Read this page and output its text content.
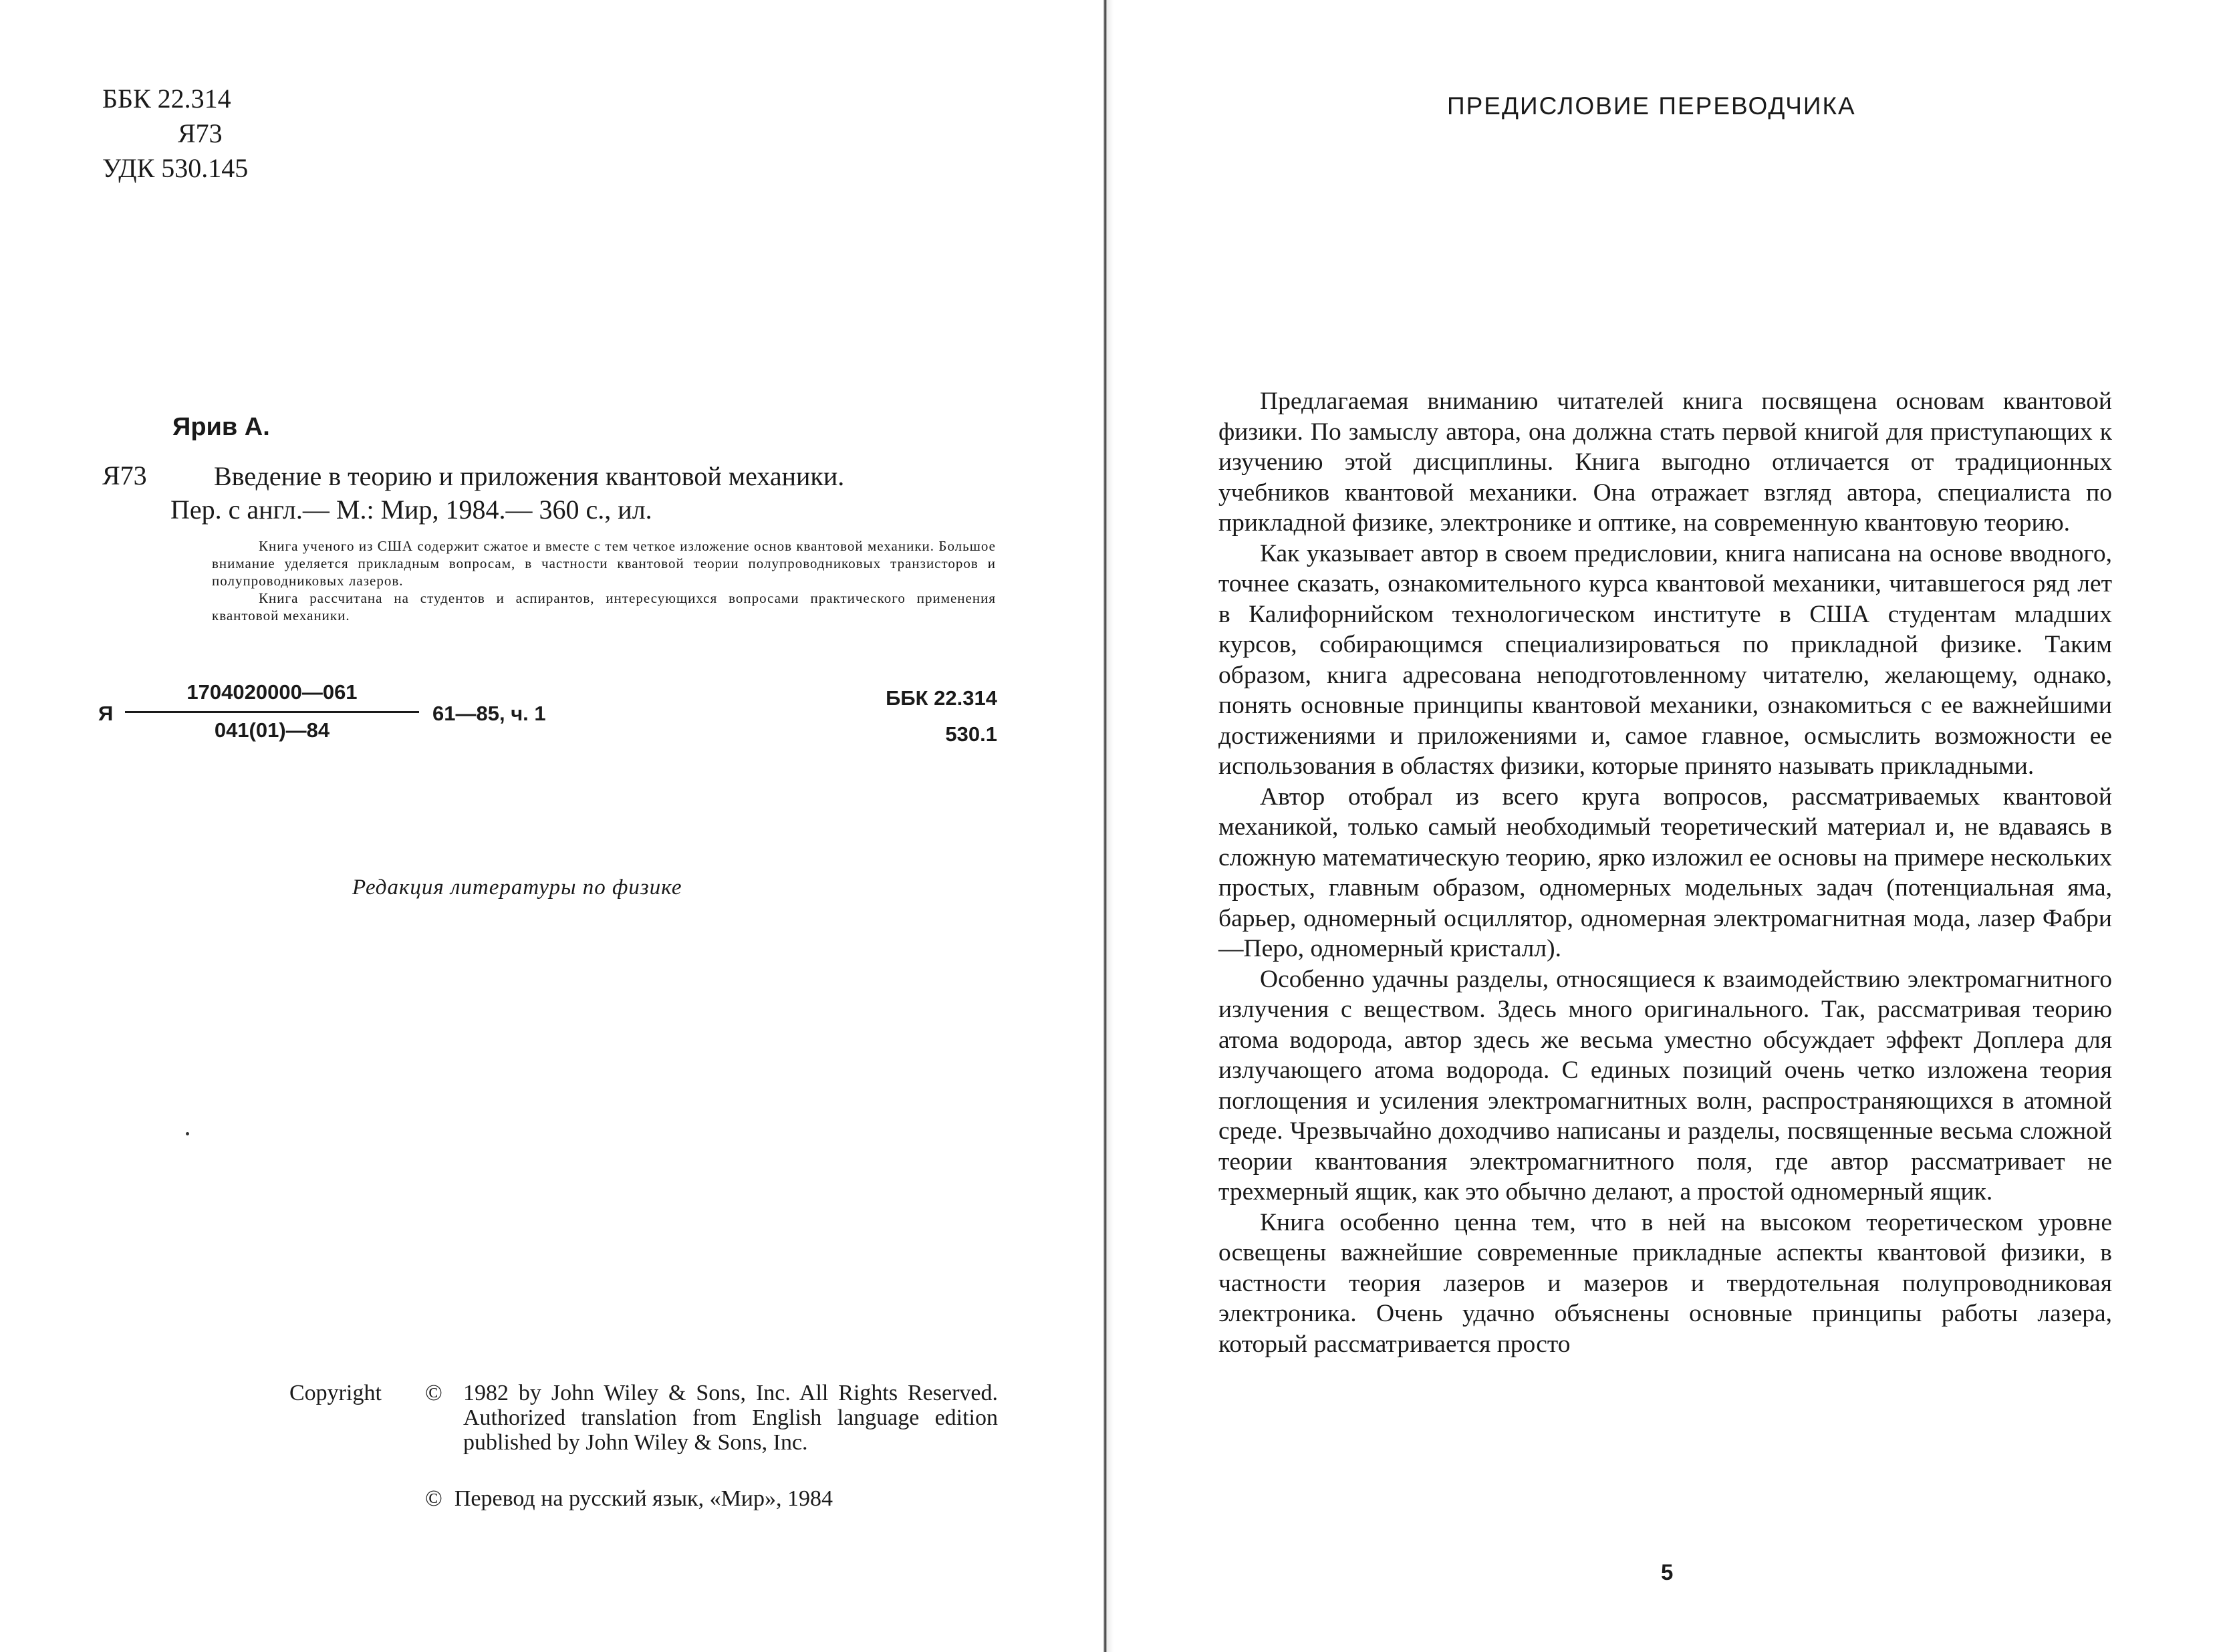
ББК 22.314
Я73
УДК 530.145
Ярив А.
Я73	Введение в теорию и приложения квантовой механики.
Пер. с англ.— М.: Мир, 1984.— 360 с., ил.

Книга ученого из США содержит сжатое и вместе с тем четкое изложение основ квантовой механики. Большое внимание уделяется прикладным вопросам, в частности квантовой теории полупроводниковых транзисторов и полупроводниковых лазеров.

Книга рассчитана на студентов и аспирантов, интересующихся вопросами практического применения квантовой механики.

Я
1704020000—061
041(01)—84
61—85, ч. 1
ББК 22.314
530.1
Редакция литературы по физике
Copyright © 1982 by John Wiley & Sons, Inc. All Rights Reserved. Authorized translation from English language edition published by John Wiley & Sons, Inc.
© Перевод на русский язык, «Мир», 1984
ПРЕДИСЛОВИЕ ПЕРЕВОДЧИКА

Предлагаемая вниманию читателей книга посвящена основам квантовой физики. По замыслу автора, она должна стать первой книгой для приступающих к изучению этой дисциплины. Книга выгодно отличается от традиционных учебников квантовой механики. Она отражает взгляд автора, специалиста по прикладной физике, электронике и оптике, на современную квантовую теорию.

Как указывает автор в своем предисловии, книга написана на основе вводного, точнее сказать, ознакомительного курса квантовой механики, читавшегося ряд лет в Калифорнийском технологическом институте в США студентам младших курсов, собирающимся специализироваться по прикладной физике. Таким образом, книга адресована неподготовленному читателю, желающему, однако, понять основные принципы квантовой механики, ознакомиться с ее важнейшими достижениями и приложениями и, самое главное, осмыслить возможности ее использования в областях физики, которые принято называть прикладными.

Автор отобрал из всего круга вопросов, рассматриваемых квантовой механикой, только самый необходимый теоретический материал и, не вдаваясь в сложную математическую теорию, ярко изложил ее основы на примере нескольких простых, главным образом, одномерных модельных задач (потенциальная яма, барьер, одномерный осциллятор, одномерная электромагнитная мода, лазер Фабри—Перо, одномерный кристалл).

Особенно удачны разделы, относящиеся к взаимодействию электромагнитного излучения с веществом. Здесь много оригинального. Так, рассматривая теорию атома водорода, автор здесь же весьма уместно обсуждает эффект Доплера для излучающего атома водорода. С единых позиций очень четко изложена теория поглощения и усиления электромагнитных волн, распространяющихся в атомной среде. Чрезвычайно доходчиво написаны и разделы, посвященные весьма сложной теории квантования электромагнитного поля, где автор рассматривает не трехмерный ящик, как это обычно делают, а простой одномерный ящик.

Книга особенно ценна тем, что в ней на высоком теоретическом уровне освещены важнейшие современные прикладные аспекты квантовой физики, в частности теория лазеров и мазеров и твердотельная полупроводниковая электроника. Очень удачно объяснены основные принципы работы лазера, который рассматривается просто

5
